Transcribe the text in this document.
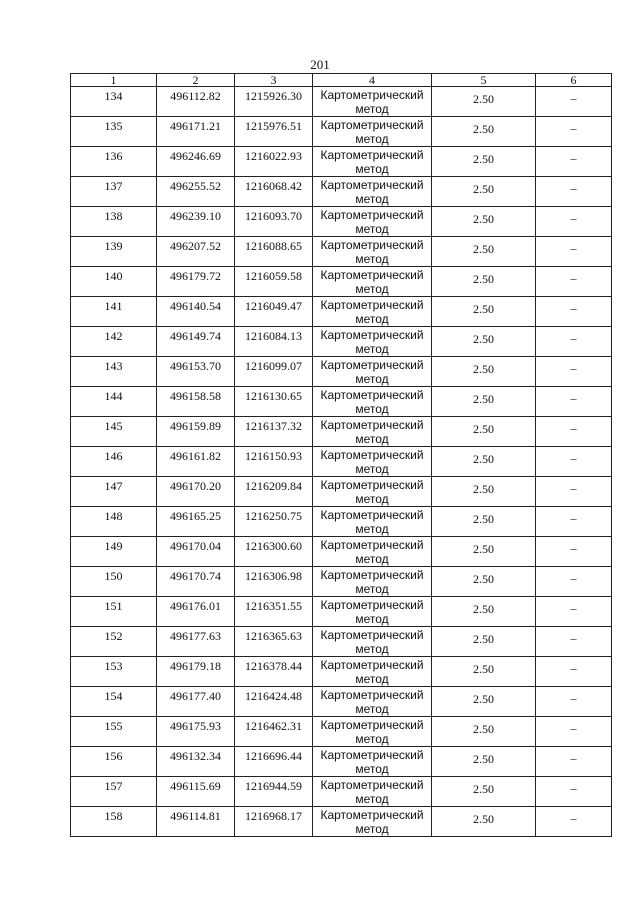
201
1	2	3	4	5	6

134	496112.82	1215926.30	Картометрический
метод	2.50	–

135	496171.21	1215976.51	Картометрический
метод	2.50	–

136	496246.69	1216022.93	Картометрический
метод	2.50	–

137	496255.52	1216068.42	Картометрический
метод	2.50	–

138	496239.10	1216093.70	Картометрический
метод	2.50	–

139	496207.52	1216088.65	Картометрический
метод	2.50	–

140	496179.72	1216059.58	Картометрический
метод	2.50	–

141	496140.54	1216049.47	Картометрический
метод	2.50	–

142	496149.74	1216084.13	Картометрический
метод	2.50	–

143	496153.70	1216099.07	Картометрический
метод	2.50	–

144	496158.58	1216130.65	Картометрический
метод	2.50	–

145	496159.89	1216137.32	Картометрический
метод	2.50	–

146	496161.82	1216150.93	Картометрический
метод	2.50	–

147	496170.20	1216209.84	Картометрический
метод	2.50	–

148	496165.25	1216250.75	Картометрический
метод	2.50	–

149	496170.04	1216300.60	Картометрический
метод	2.50	–

150	496170.74	1216306.98	Картометрический
метод	2.50	–

151	496176.01	1216351.55	Картометрический
метод	2.50	–

152	496177.63	1216365.63	Картометрический
метод	2.50	–

153	496179.18	1216378.44	Картометрический
метод	2.50	–

154	496177.40	1216424.48	Картометрический
метод	2.50	–

155	496175.93	1216462.31	Картометрический
метод	2.50	–

156	496132.34	1216696.44	Картометрический
метод	2.50	–

157	496115.69	1216944.59	Картометрический
метод	2.50	–

158	496114.81	1216968.17	Картометрический
метод	2.50	–
